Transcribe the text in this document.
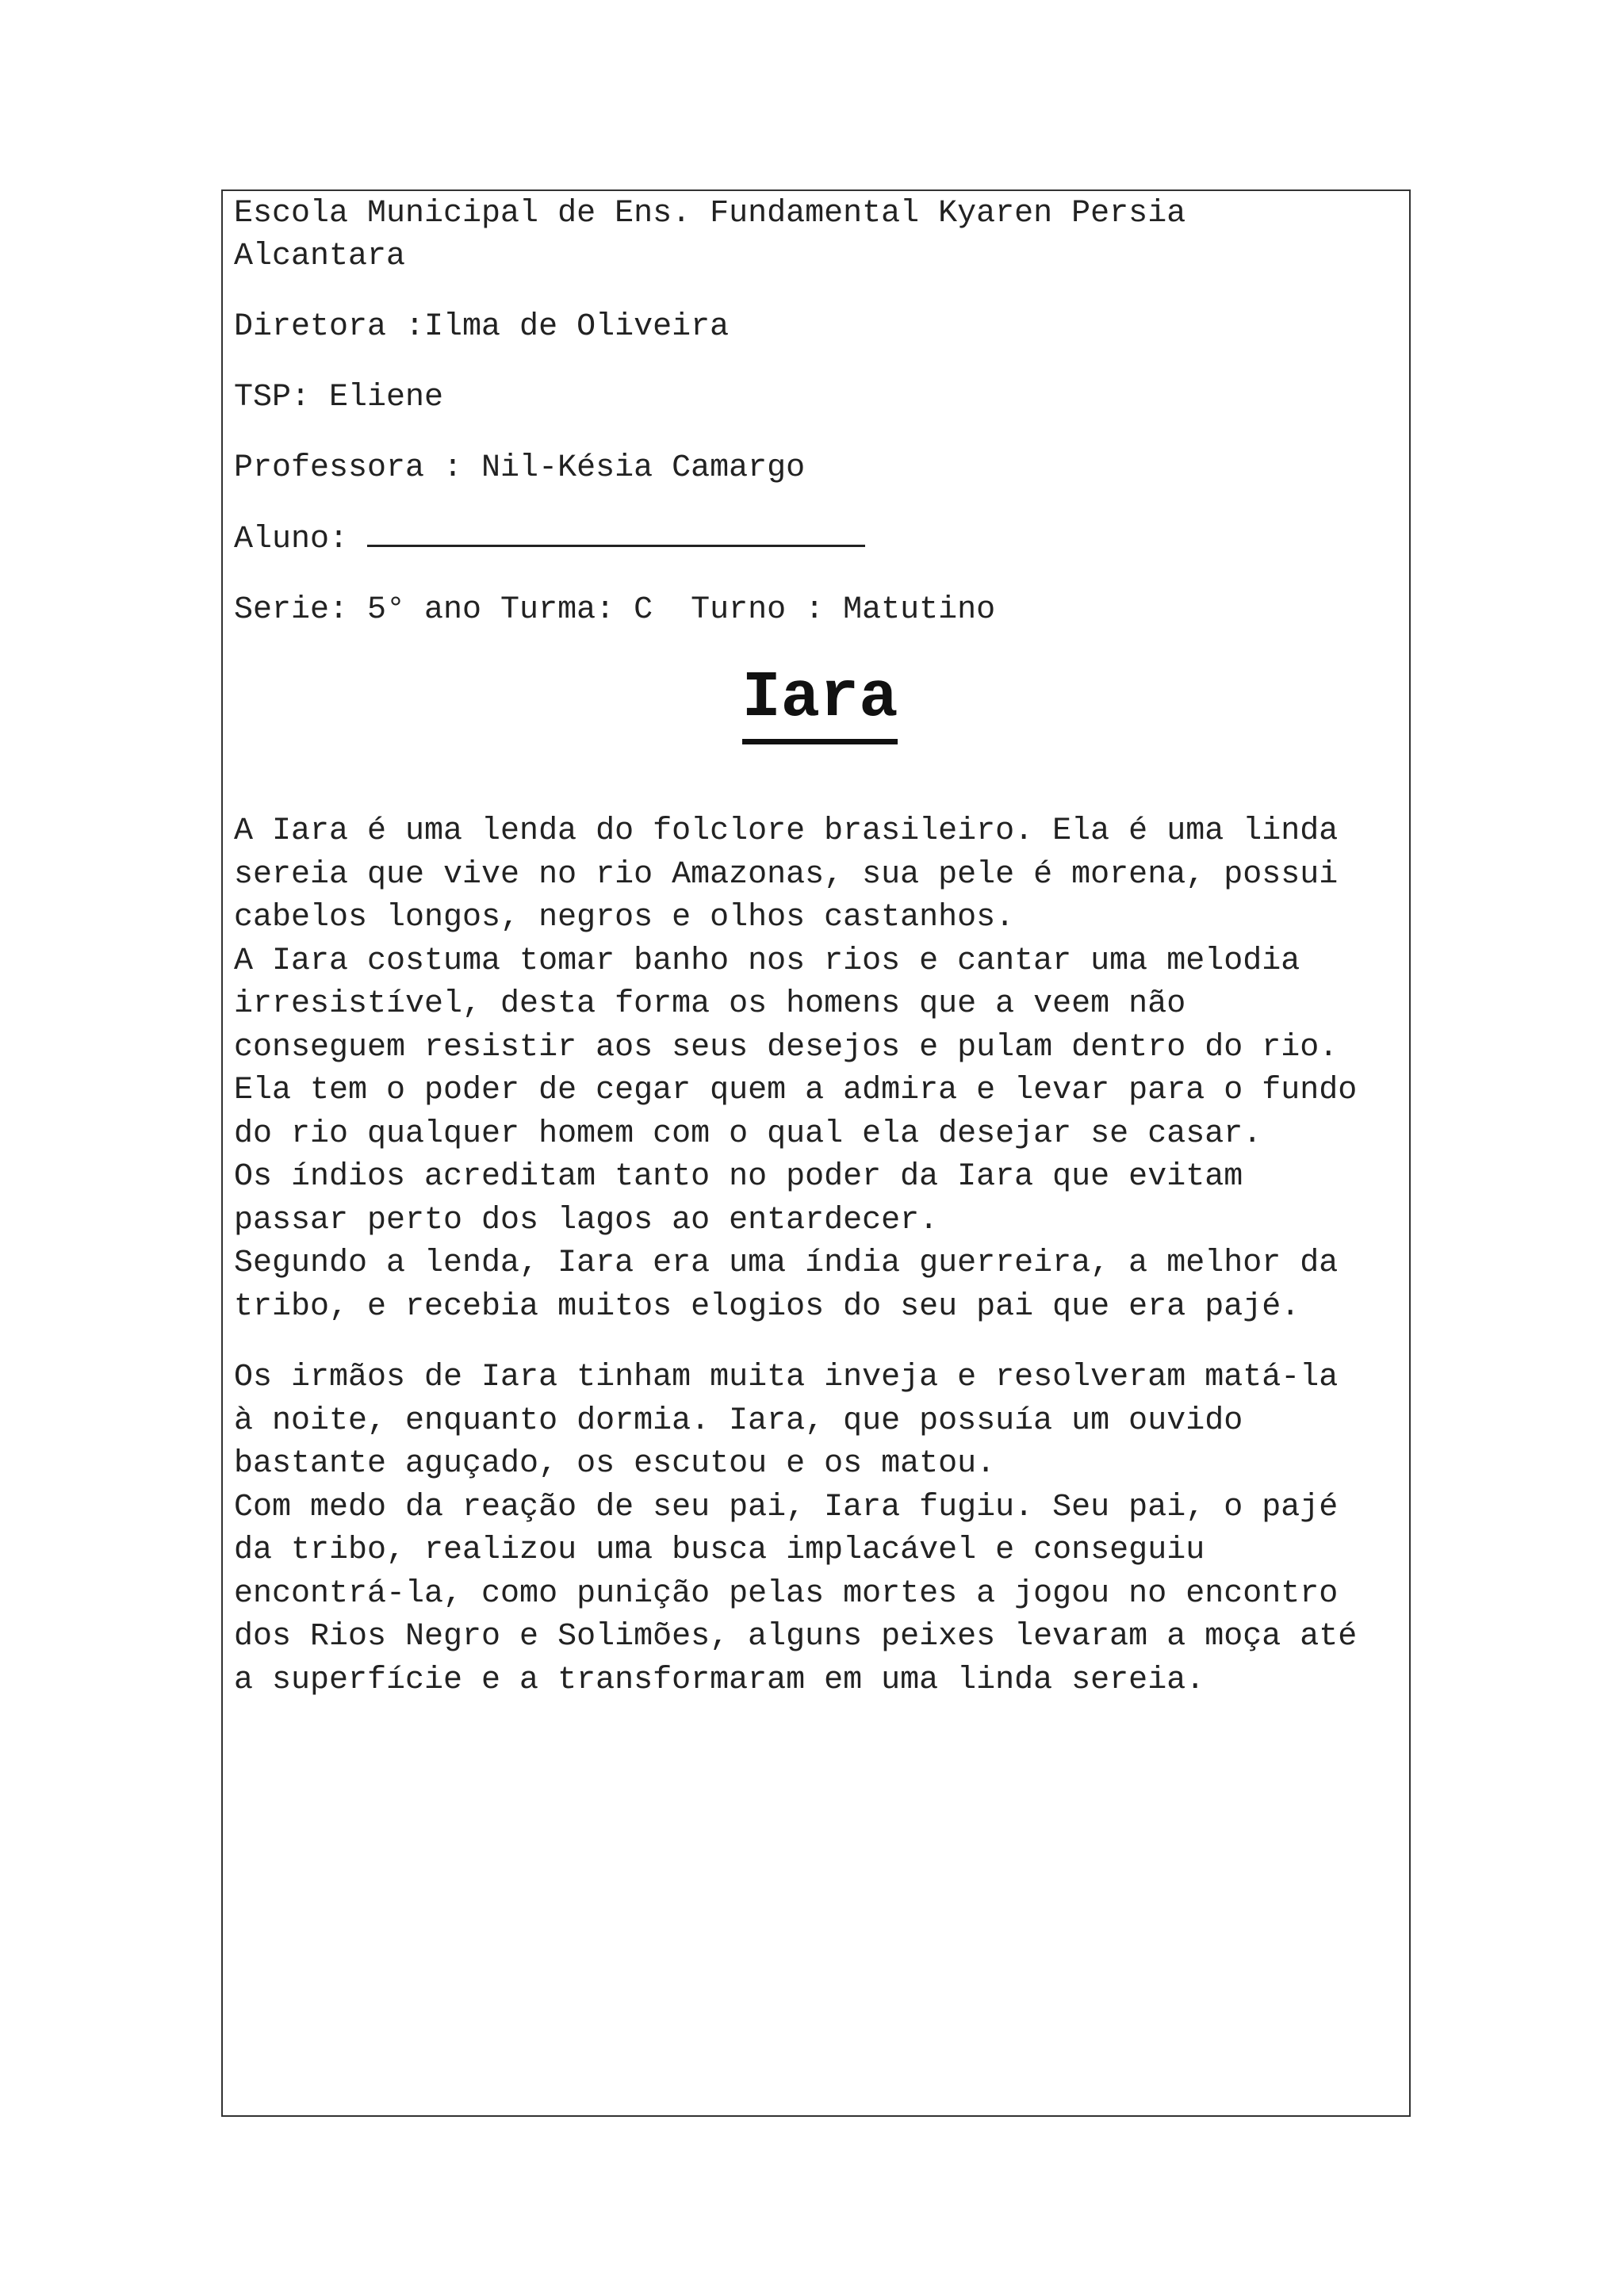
Escola Municipal de Ens. Fundamental Kyaren Persia

Alcantara

Diretora :Ilma de Oliveira

TSP: Eliene

Professora : Nil-Késia Camargo

Aluno:

Serie: 5° ano Turma: C  Turno : Matutino

Iara

A Iara é uma lenda do folclore brasileiro. Ela é uma linda

sereia que vive no rio Amazonas, sua pele é morena, possui

cabelos longos, negros e olhos castanhos.

A Iara costuma tomar banho nos rios e cantar uma melodia

irresistível, desta forma os homens que a veem não

conseguem resistir aos seus desejos e pulam dentro do rio.

Ela tem o poder de cegar quem a admira e levar para o fundo

do rio qualquer homem com o qual ela desejar se casar.

Os índios acreditam tanto no poder da Iara que evitam

passar perto dos lagos ao entardecer.

Segundo a lenda, Iara era uma índia guerreira, a melhor da

tribo, e recebia muitos elogios do seu pai que era pajé.

Os irmãos de Iara tinham muita inveja e resolveram matá-la

à noite, enquanto dormia. Iara, que possuía um ouvido

bastante aguçado, os escutou e os matou.

Com medo da reação de seu pai, Iara fugiu. Seu pai, o pajé

da tribo, realizou uma busca implacável e conseguiu

encontrá-la, como punição pelas mortes a jogou no encontro

dos Rios Negro e Solimões, alguns peixes levaram a moça até

a superfície e a transformaram em uma linda sereia.
